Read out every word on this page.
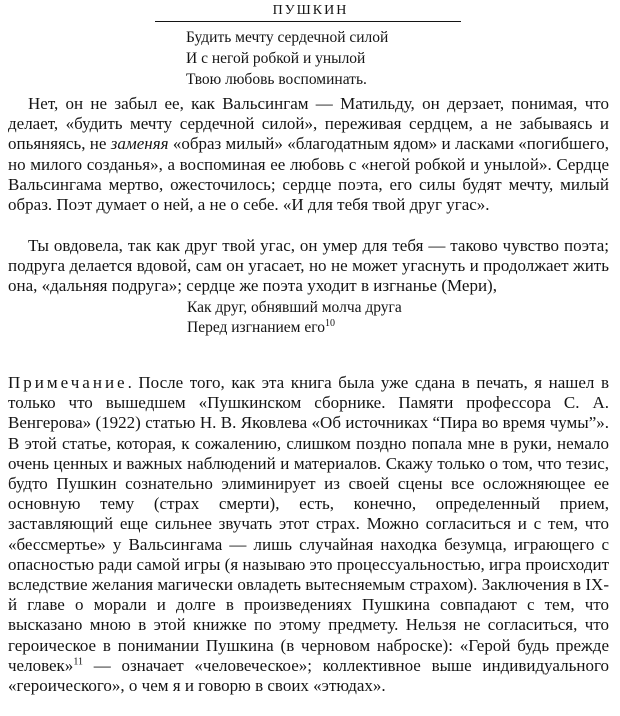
ПУШКИН
Будить мечту сердечной силой
И с негой робкой и унылой
Твою любовь воспоминать.

Нет, он не забыл ее, как Вальсингам — Матильду, он дерзает, понимая, что делает, «будить мечту сердечной силой», переживая сердцем, а не забываясь и опьяняясь, не заменяя «образ милый» «благодатным ядом» и ласками «погибшего, но милого созданья», а воспоминая ее любовь с «негой робкой и унылой». Сердце Вальсингама мертво, ожесточилось; сердце поэта, его силы будят мечту, милый образ. Поэт думает о ней, а не о себе. «И для тебя твой друг угас».

Ты овдовела, так как друг твой угас, он умер для тебя — таково чувство поэта; подруга делается вдовой, сам он угасает, но не может угаснуть и продолжает жить она, «дальняя подруга»; сердце же поэта уходит в изгнанье (Мери),

Как друг, обнявший молча друга
Перед изгнанием его$^{10}$

Примечание. После того, как эта книга была уже сдана в печать, я нашел в только что вышедшем «Пушкинском сборнике. Памяти профессора С. А. Венгерова» (1922) статью Н. В. Яковлева «Об источниках “Пира во время чумы”». В этой статье, которая, к сожалению, слишком поздно попала мне в руки, немало очень ценных и важных наблюдений и материалов. Скажу только о том, что тезис, будто Пушкин сознательно элиминирует из своей сцены все осложняющее ее основную тему (страх смерти), есть, конечно, определенный прием, заставляющий еще сильнее звучать этот страх. Можно согласиться и с тем, что «бессмертье» у Вальсингама — лишь случайная находка безумца, играющего с опасностью ради самой игры (я называю это процессуальностью, игра происходит вследствие желания магически овладеть вытесняемым страхом). Заключения в IX-й главе о морали и долге в произведениях Пушкина совпадают с тем, что высказано мною в этой книжке по этому предмету. Нельзя не согласиться, что героическое в понимании Пушкина (в черновом наброске): «Герой будь прежде человек»$^{11}$ — означает «человеческое»; коллективное выше индивидуального «героического», о чем я и говорю в своих «этюдах».
